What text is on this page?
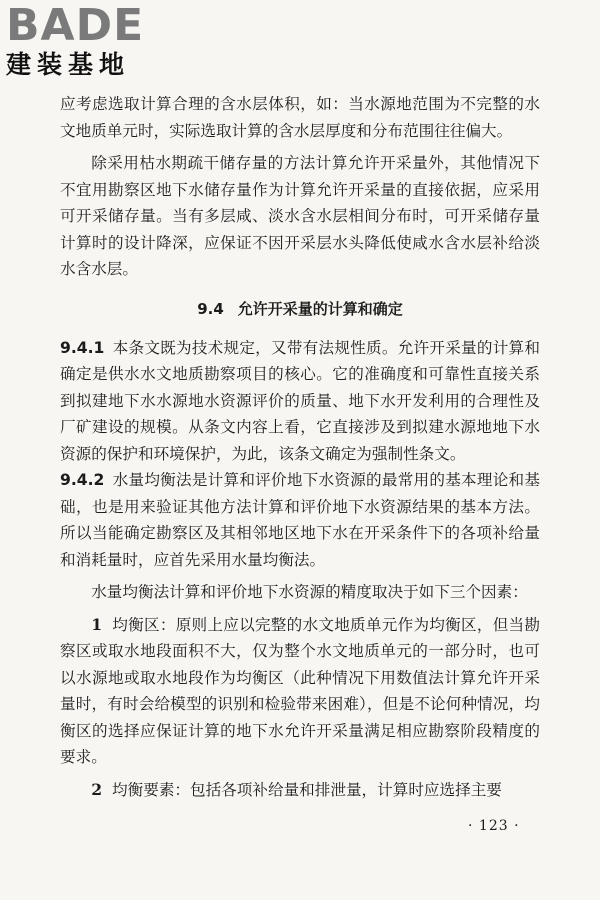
BADE
建装基地

应考虑选取计算合理的含水层体积，如：当水源地范围为不完整的水文地质单元时，实际选取计算的含水层厚度和分布范围往往偏大。

除采用枯水期疏干储存量的方法计算允许开采量外，其他情况下不宜用勘察区地下水储存量作为计算允许开采量的直接依据，应采用可开采储存量。当有多层咸、淡水含水层相间分布时，可开采储存量计算时的设计降深，应保证不因开采层水头降低使咸水含水层补给淡水含水层。

9.4 允许开采量的计算和确定

9.4.1 本条文既为技术规定，又带有法规性质。允许开采量的计算和确定是供水水文地质勘察项目的核心。它的准确度和可靠性直接关系到拟建地下水水源地水资源评价的质量、地下水开发利用的合理性及厂矿建设的规模。从条文内容上看，它直接涉及到拟建水源地地下水资源的保护和环境保护，为此，该条文确定为强制性条文。

9.4.2 水量均衡法是计算和评价地下水资源的最常用的基本理论和基础，也是用来验证其他方法计算和评价地下水资源结果的基本方法。所以当能确定勘察区及其相邻地区地下水在开采条件下的各项补给量和消耗量时，应首先采用水量均衡法。

水量均衡法计算和评价地下水资源的精度取决于如下三个因素：

1 均衡区：原则上应以完整的水文地质单元作为均衡区，但当勘察区或取水地段面积不大，仅为整个水文地质单元的一部分时，也可以水源地或取水地段作为均衡区（此种情况下用数值法计算允许开采量时，有时会给模型的识别和检验带来困难），但是不论何种情况，均衡区的选择应保证计算的地下水允许开采量满足相应勘察阶段精度的要求。

2 均衡要素：包括各项补给量和排泄量，计算时应选择主要

· 123 ·
